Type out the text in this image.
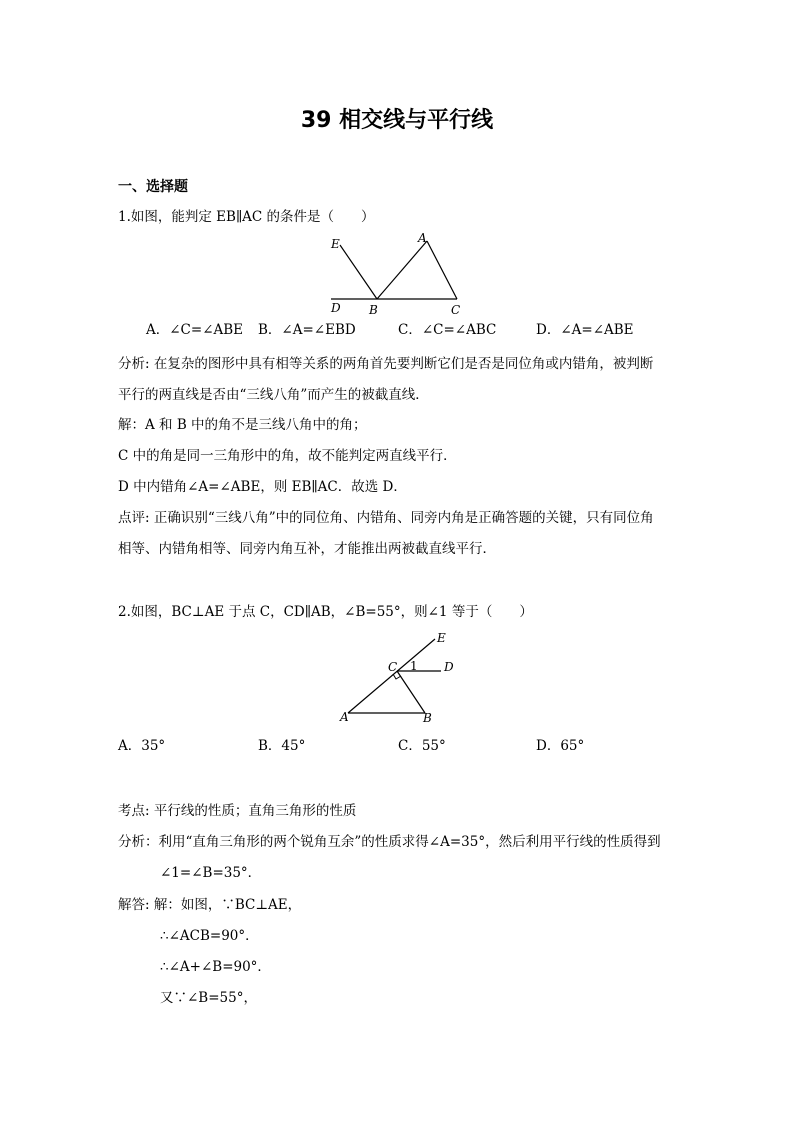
39 相交线与平行线
一、选择题
1.如图，能判定 EB∥AC 的条件是（　　）
E	A
D B	C
A．∠C=∠ABE B．∠A=∠EBD	C．∠C=∠ABC	D．∠A=∠ABE
分析: 在复杂的图形中具有相等关系的两角首先要判断它们是否是同位角或内错角，被判断
平行的两直线是否由“三线八角”而产生的被截直线．
解：A 和 B 中的角不是三线八角中的角；
C 中的角是同一三角形中的角，故不能判定两直线平行．
D 中内错角∠A=∠ABE，则 EB∥AC．故选 D．
点评: 正确识别“三线八角”中的同位角、内错角、同旁内角是正确答题的关键，只有同位角
相等、内错角相等、同旁内角互补，才能推出两被截直线平行．
2.如图，BC⊥AE 于点 C，CD∥AB，∠B=55°，则∠1 等于（　　）
E
C 1 D
A	B
A．35°	B．45°	C．55°	D．65°
考点: 平行线的性质；直角三角形的性质
分析：利用“直角三角形的两个锐角互余”的性质求得∠A=35°，然后利用平行线的性质得到
∠1=∠B=35°．
解答: 解：如图，∵BC⊥AE，
∴∠ACB=90°．
∴∠A+∠B=90°．
又∵∠B=55°，
